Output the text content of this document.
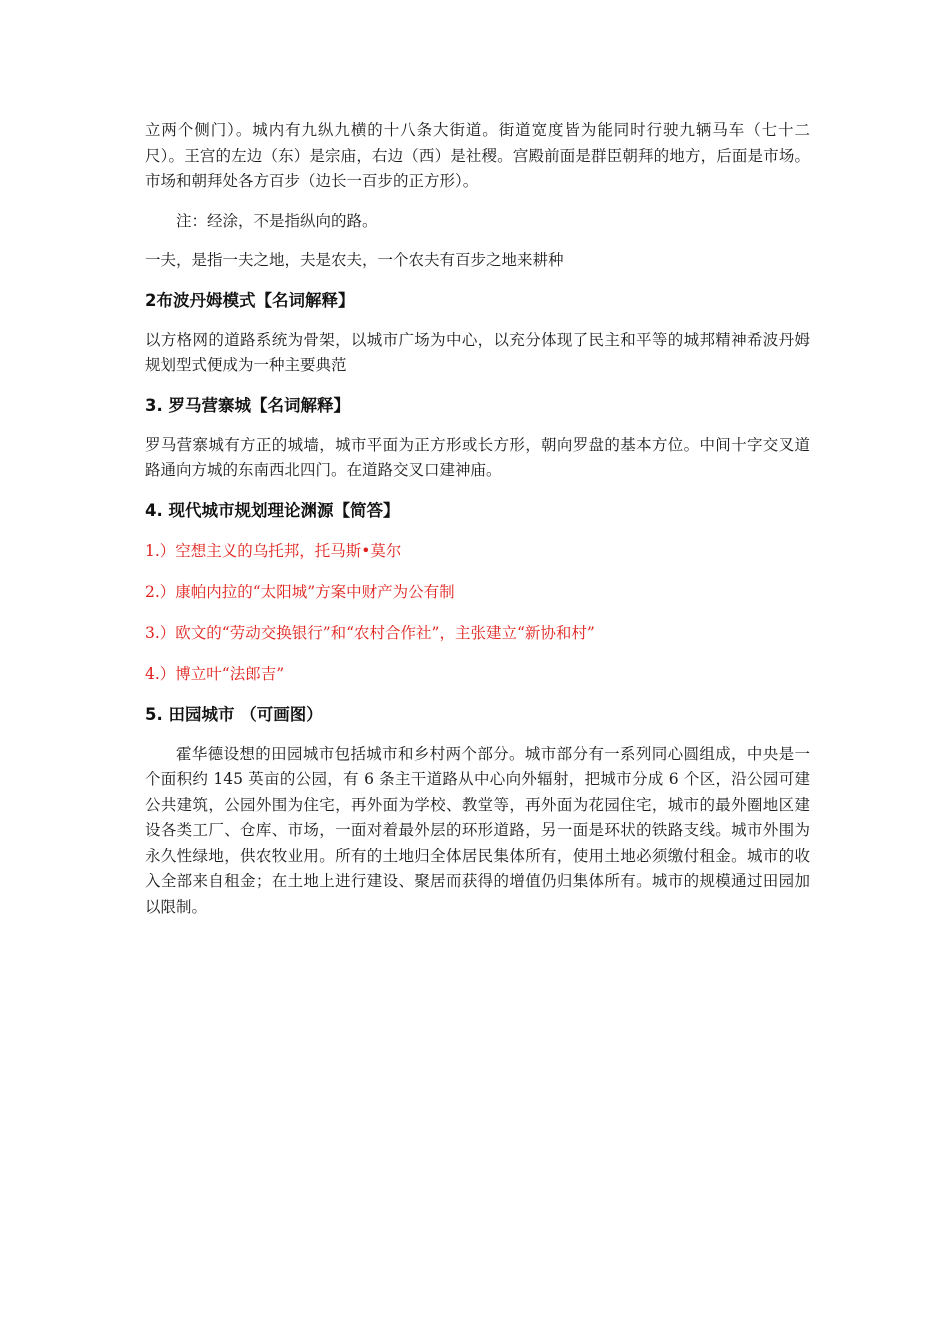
立两个侧门）。城内有九纵九横的十八条大街道。街道宽度皆为能同时行驶九辆马车（七十二尺）。王宫的左边（东）是宗庙，右边（西）是社稷。宫殿前面是群臣朝拜的地方，后面是市场。市场和朝拜处各方百步（边长一百步的正方形）。

注：经涂，不是指纵向的路。

一夫，是指一夫之地，夫是农夫，一个农夫有百步之地来耕种

2布波丹姆模式【名词解释】

以方格网的道路系统为骨架，以城市广场为中心，以充分体现了民主和平等的城邦精神希波丹姆规划型式便成为一种主要典范

3. 罗马营寨城【名词解释】

罗马营寨城有方正的城墙，城市平面为正方形或长方形，朝向罗盘的基本方位。中间十字交叉道路通向方城的东南西北四门。在道路交叉口建神庙。

4. 现代城市规划理论渊源【简答】
1.）空想主义的乌托邦，托马斯•莫尔
2.）康帕内拉的“太阳城”方案中财产为公有制
3.）欧文的“劳动交换银行”和“农村合作社”，主张建立“新协和村”
4.）博立叶“法郎吉”
5. 田园城市 （可画图）

霍华德设想的田园城市包括城市和乡村两个部分。城市部分有一系列同心圆组成，中央是一个面积约 145 英亩的公园，有 6 条主干道路从中心向外辐射，把城市分成 6 个区，沿公园可建公共建筑，公园外围为住宅，再外面为学校、教堂等，再外面为花园住宅，城市的最外圈地区建设各类工厂、仓库、市场，一面对着最外层的环形道路，另一面是环状的铁路支线。城市外围为永久性绿地，供农牧业用。所有的土地归全体居民集体所有，使用土地必须缴付租金。城市的收入全部来自租金；在土地上进行建设、聚居而获得的增值仍归集体所有。城市的规模通过田园加以限制。
